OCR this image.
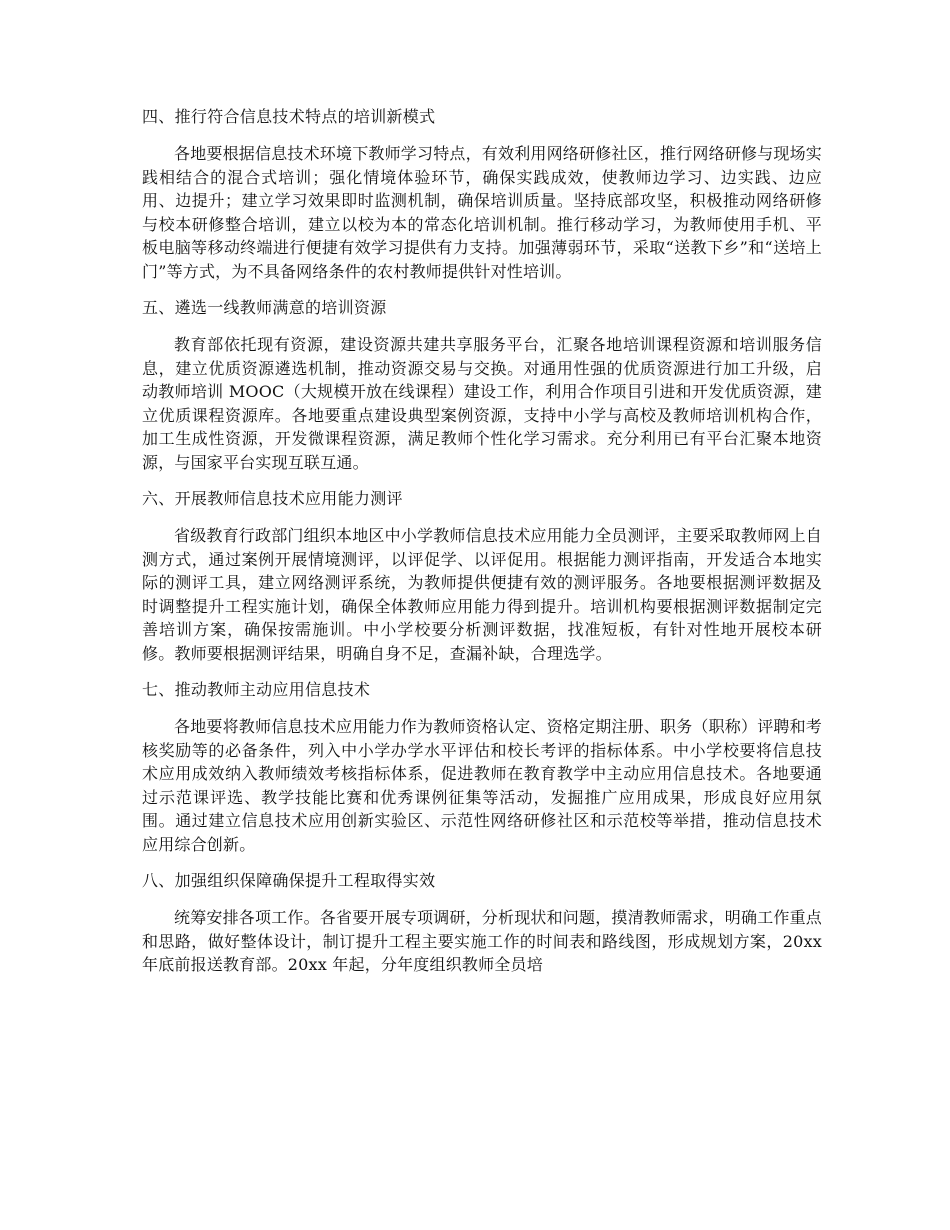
四、推行符合信息技术特点的培训新模式
各地要根据信息技术环境下教师学习特点，有效利用网络研修社区，推行网络研修与现场实践相结合的混合式培训；强化情境体验环节，确保实践成效，使教师边学习、边实践、边应用、边提升；建立学习效果即时监测机制，确保培训质量。坚持底部攻坚，积极推动网络研修与校本研修整合培训，建立以校为本的常态化培训机制。推行移动学习，为教师使用手机、平板电脑等移动终端进行便捷有效学习提供有力支持。加强薄弱环节，采取“送教下乡”和“送培上门”等方式，为不具备网络条件的农村教师提供针对性培训。
五、遴选一线教师满意的培训资源
教育部依托现有资源，建设资源共建共享服务平台，汇聚各地培训课程资源和培训服务信息，建立优质资源遴选机制，推动资源交易与交换。对通用性强的优质资源进行加工升级，启动教师培训 MOOC（大规模开放在线课程）建设工作，利用合作项目引进和开发优质资源，建立优质课程资源库。各地要重点建设典型案例资源，支持中小学与高校及教师培训机构合作，加工生成性资源，开发微课程资源，满足教师个性化学习需求。充分利用已有平台汇聚本地资源，与国家平台实现互联互通。
六、开展教师信息技术应用能力测评
省级教育行政部门组织本地区中小学教师信息技术应用能力全员测评，主要采取教师网上自测方式，通过案例开展情境测评，以评促学、以评促用。根据能力测评指南，开发适合本地实际的测评工具，建立网络测评系统，为教师提供便捷有效的测评服务。各地要根据测评数据及时调整提升工程实施计划，确保全体教师应用能力得到提升。培训机构要根据测评数据制定完善培训方案，确保按需施训。中小学校要分析测评数据，找准短板，有针对性地开展校本研修。教师要根据测评结果，明确自身不足，查漏补缺，合理选学。
七、推动教师主动应用信息技术
各地要将教师信息技术应用能力作为教师资格认定、资格定期注册、职务（职称）评聘和考核奖励等的必备条件，列入中小学办学水平评估和校长考评的指标体系。中小学校要将信息技术应用成效纳入教师绩效考核指标体系，促进教师在教育教学中主动应用信息技术。各地要通过示范课评选、教学技能比赛和优秀课例征集等活动，发掘推广应用成果，形成良好应用氛围。通过建立信息技术应用创新实验区、示范性网络研修社区和示范校等举措，推动信息技术应用综合创新。
八、加强组织保障确保提升工程取得实效
统筹安排各项工作。各省要开展专项调研，分析现状和问题，摸清教师需求，明确工作重点和思路，做好整体设计，制订提升工程主要实施工作的时间表和路线图，形成规划方案，20xx 年底前报送教育部。20xx 年起，分年度组织教师全员培
